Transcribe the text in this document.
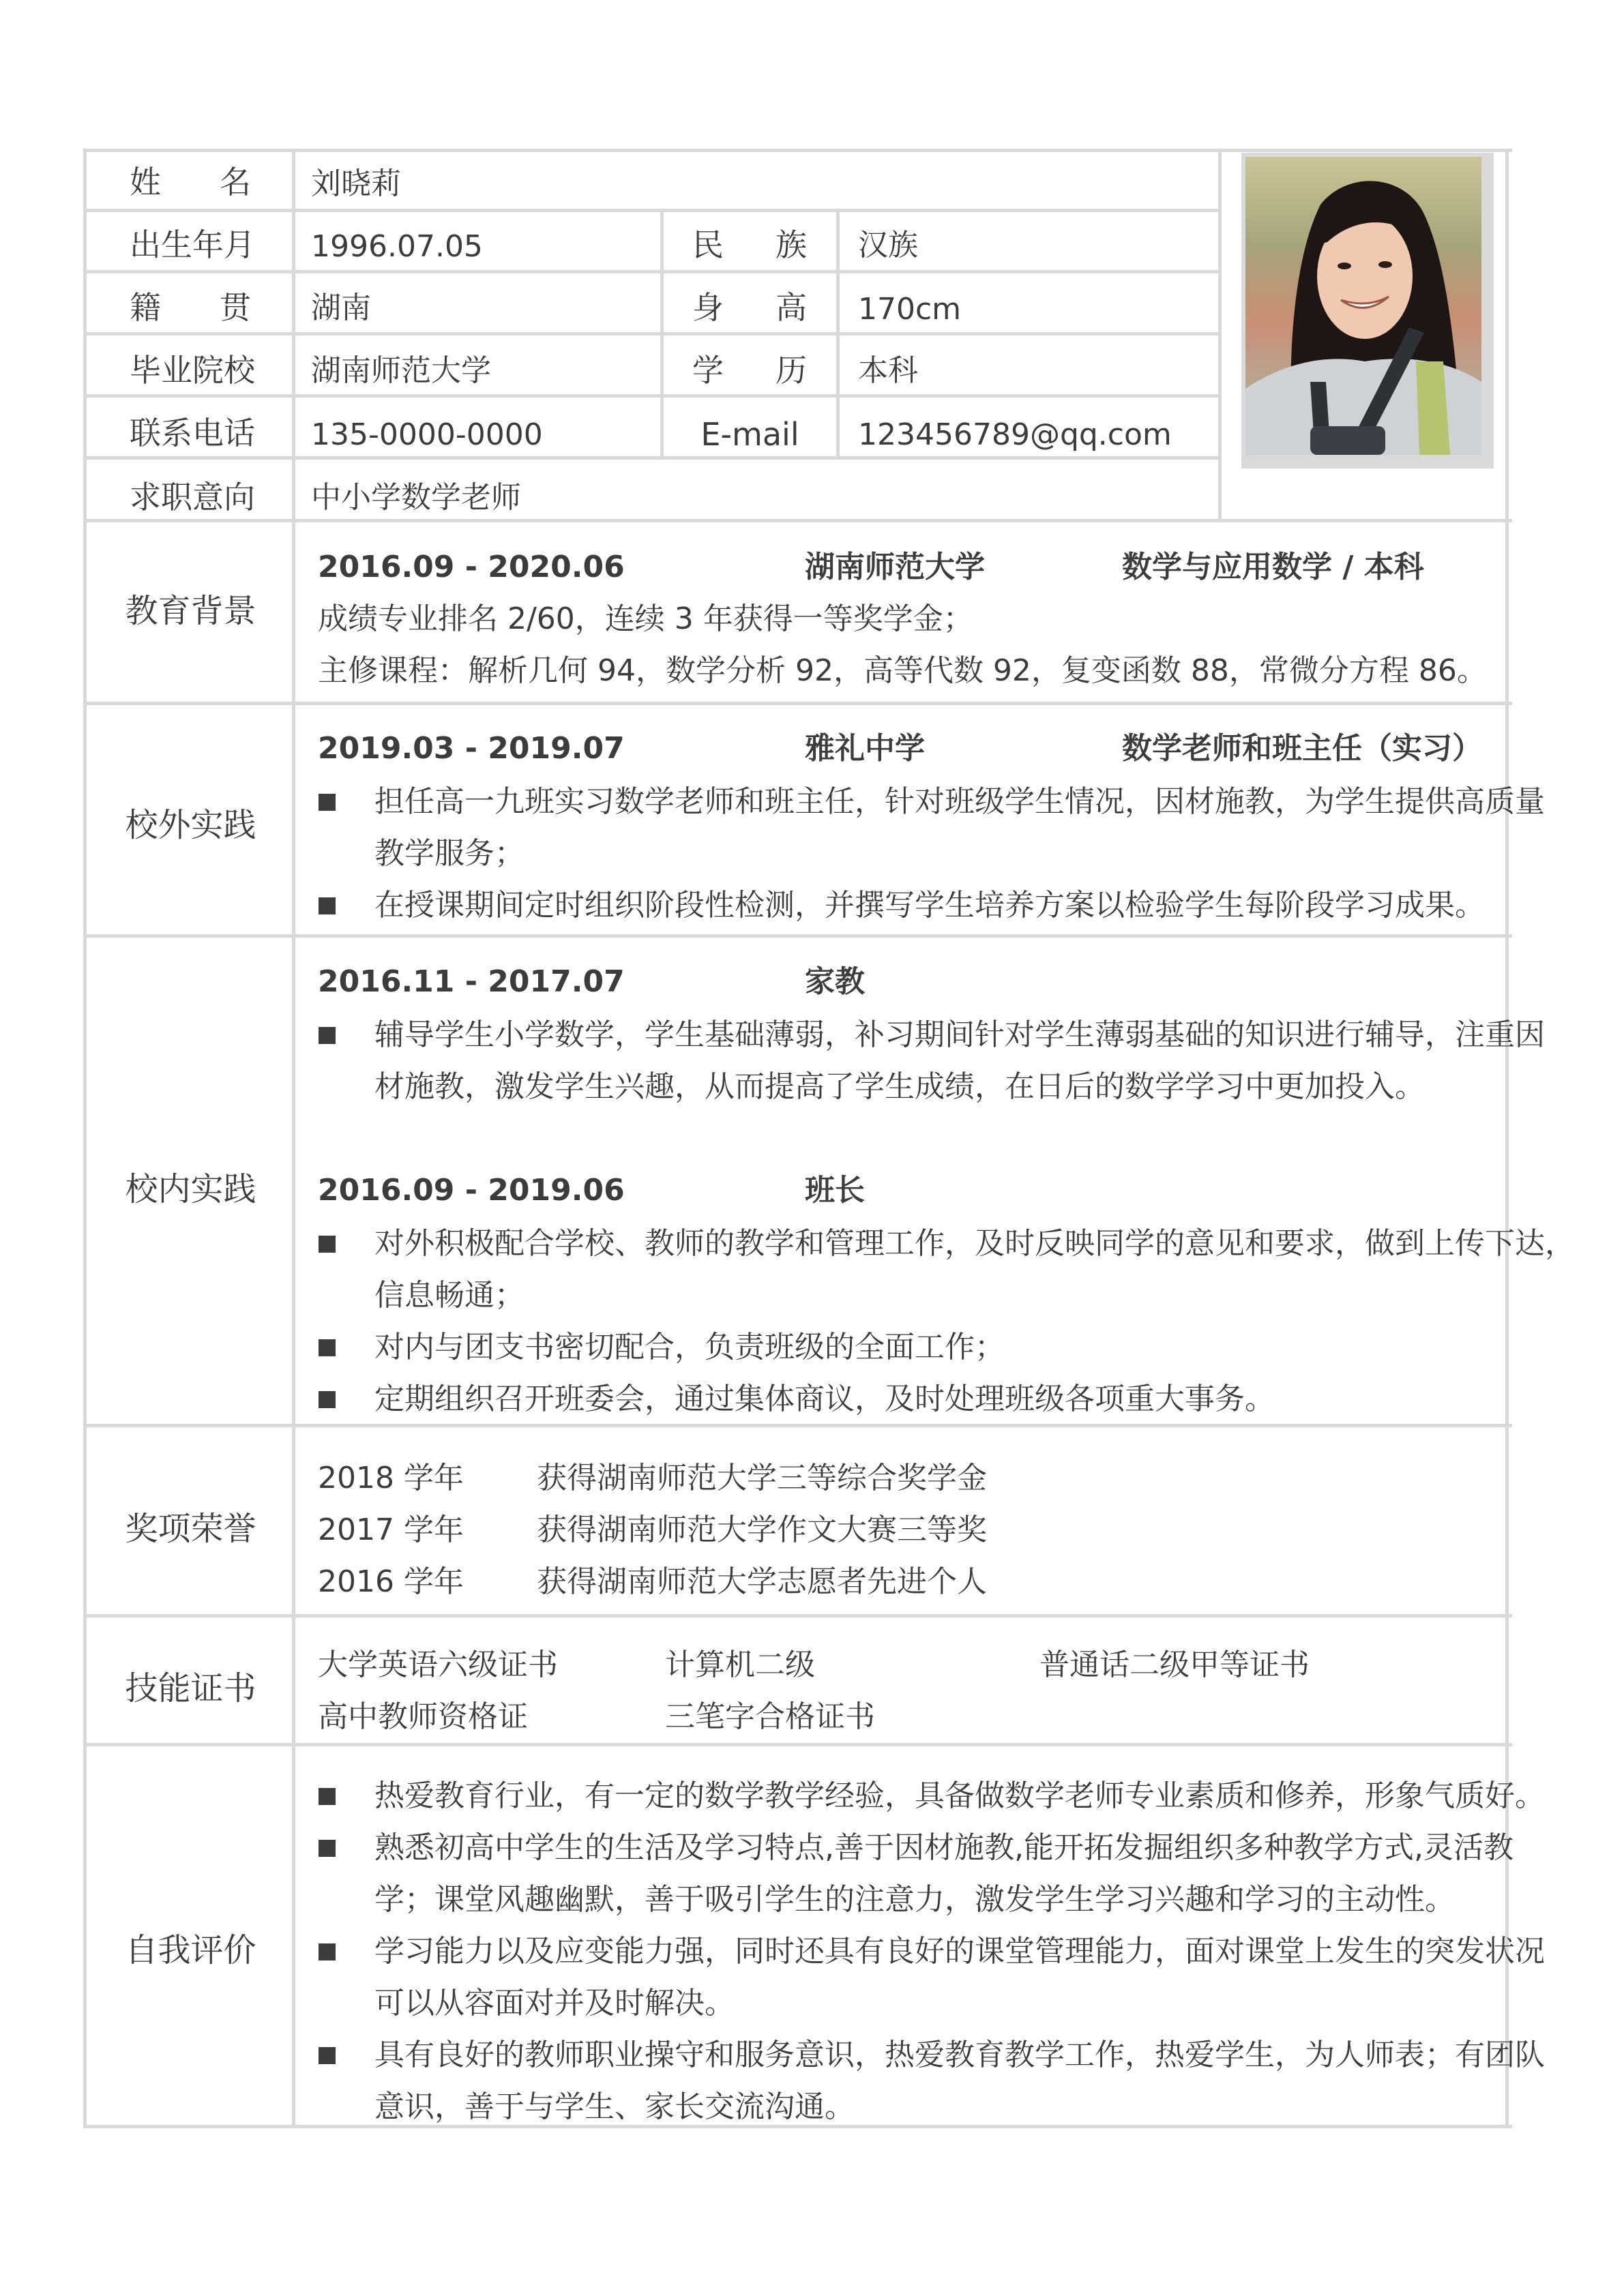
姓 名 刘晓莉
出生年月 1996.07.05	民 族 汉族
籍 贯 湖南	身 高 170cm
毕业院校 湖南师范大学	学 历 本科
联系电话 135-0000-0000	E-mail 123456789@qq.com
求职意向 中小学数学老师
教育背景
2016.09 - 2020.06	湖南师范大学	数学与应用数学 / 本科
成绩专业排名 2/60，连续 3 年获得一等奖学金；
主修课程：解析几何 94，数学分析 92，高等代数 92，复变函数 88，常微分方程 86。
校外实践
2019.03 - 2019.07	雅礼中学	数学老师和班主任（实习）
担任高一九班实习数学老师和班主任，针对班级学生情况，因材施教，为学生提供高质量
教学服务；
在授课期间定时组织阶段性检测，并撰写学生培养方案以检验学生每阶段学习成果。
校内实践
2016.11 - 2017.07	家教
辅导学生小学数学，学生基础薄弱，补习期间针对学生薄弱基础的知识进行辅导，注重因
材施教，激发学生兴趣，从而提高了学生成绩，在日后的数学学习中更加投入。
2016.09 - 2019.06	班长
对外积极配合学校、教师的教学和管理工作，及时反映同学的意见和要求，做到上传下达，
信息畅通；
对内与团支书密切配合，负责班级的全面工作；
定期组织召开班委会，通过集体商议，及时处理班级各项重大事务。
奖项荣誉
2018 学年 获得湖南师范大学三等综合奖学金
2017 学年 获得湖南师范大学作文大赛三等奖
2016 学年 获得湖南师范大学志愿者先进个人
技能证书
大学英语六级证书	计算机二级	普通话二级甲等证书
高中教师资格证	三笔字合格证书
自我评价
热爱教育行业，有一定的数学教学经验，具备做数学老师专业素质和修养，形象气质好。
熟悉初高中学生的生活及学习特点,善于因材施教,能开拓发掘组织多种教学方式,灵活教
学；课堂风趣幽默，善于吸引学生的注意力，激发学生学习兴趣和学习的主动性。
学习能力以及应变能力强，同时还具有良好的课堂管理能力，面对课堂上发生的突发状况
可以从容面对并及时解决。
具有良好的教师职业操守和服务意识，热爱教育教学工作，热爱学生，为人师表；有团队
意识，善于与学生、家长交流沟通。
